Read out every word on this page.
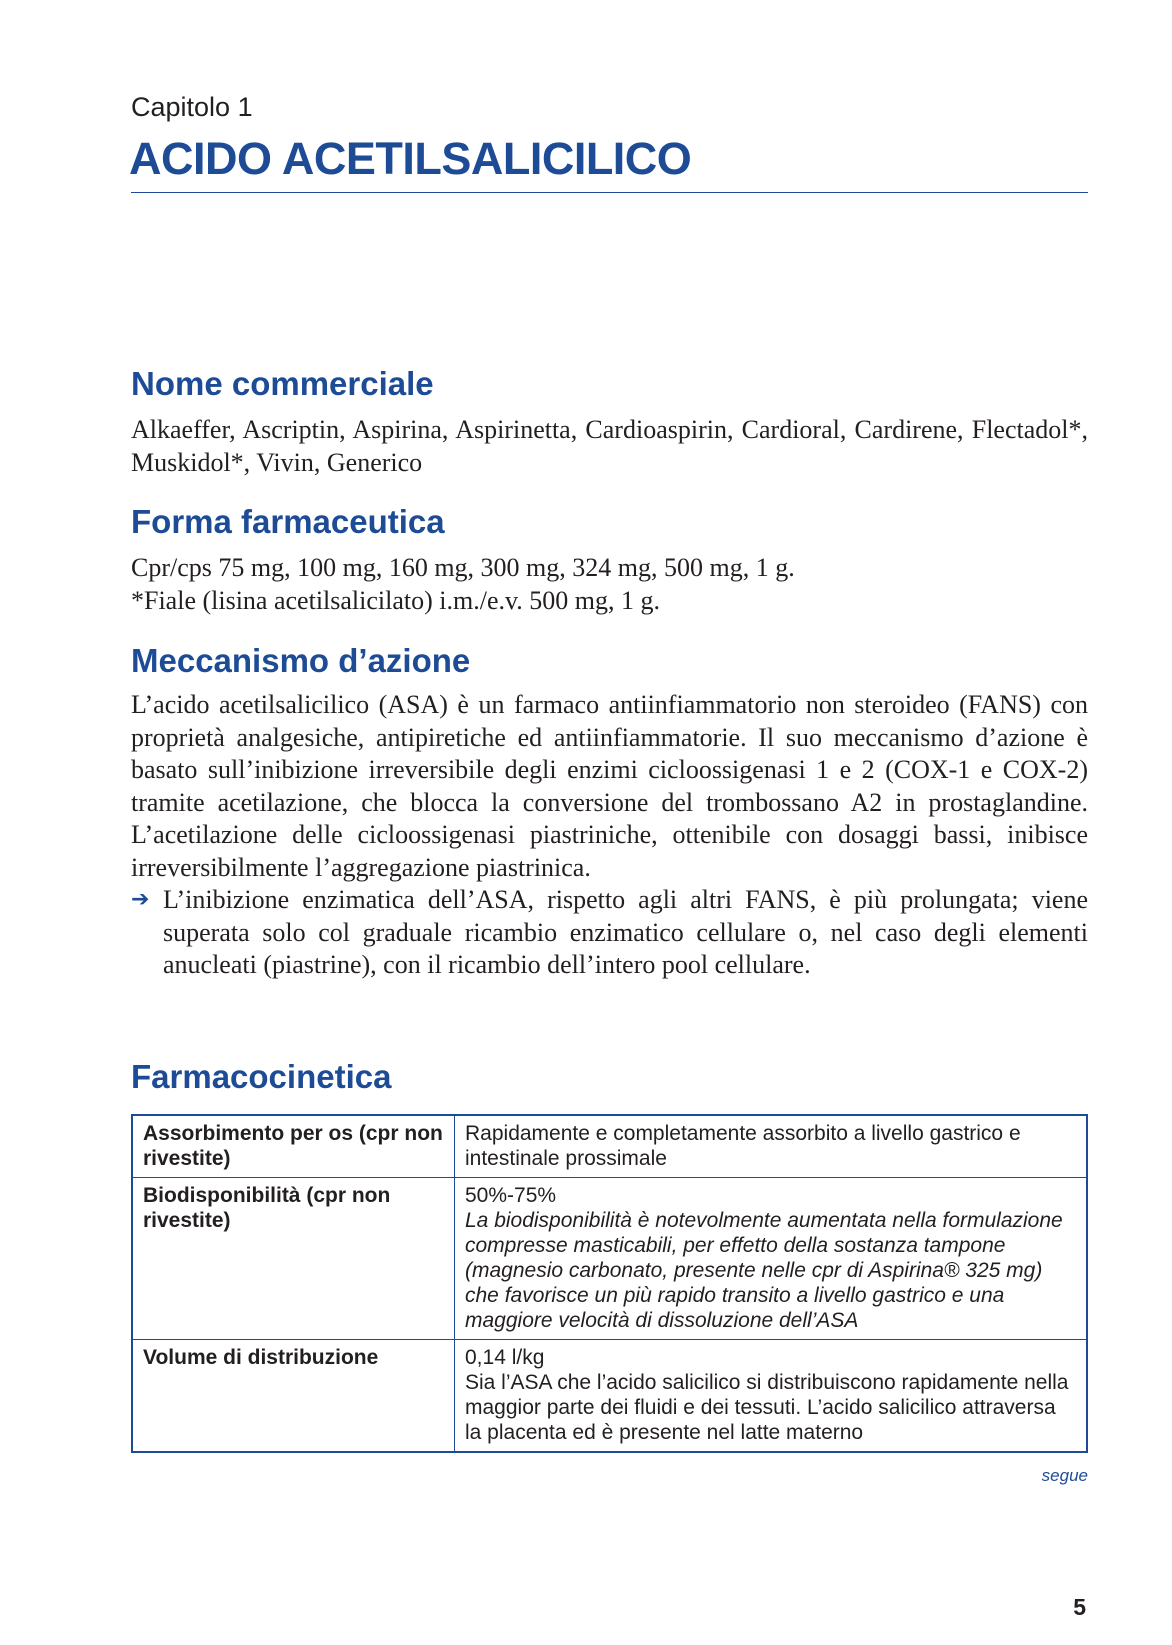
Capitolo 1
ACIDO ACETILSALICILICO
Nome commerciale

Alkaeffer, Ascriptin, Aspirina, Aspirinetta, Cardioaspirin, Cardioral, Cardirene, Flectadol*, Muskidol*, Vivin, Generico

Forma farmaceutica

Cpr/cps 75 mg, 100 mg, 160 mg, 300 mg, 324 mg, 500 mg, 1 g.

*Fiale (lisina acetilsalicilato) i.m./e.v. 500 mg, 1 g.

Meccanismo d’azione

L’acido acetilsalicilico (ASA) è un farmaco antiinfiammatorio non steroideo (FANS) con proprietà analgesiche, antipiretiche ed antiinfiammatorie. Il suo meccanismo d’azione è basato sull’inibizione irreversibile degli enzimi cicloossigenasi 1 e 2 (COX-1 e COX-2) tramite acetilazione, che blocca la conversione del trombossano A2 in prostaglandine. L’acetilazione delle cicloossigenasi piastriniche, ottenibile con dosaggi bassi, inibisce irreversibilmente l’aggregazione piastrinica.

➔ L’inibizione enzimatica dell’ASA, rispetto agli altri FANS, è più prolungata; viene superata solo col graduale ricambio enzimatico cellulare o, nel caso degli elementi anucleati (piastrine), con il ricambio dell’intero pool cellulare.

Farmacocinetica
Assorbimento per os (cpr non rivestite)	Rapidamente e completamente assorbito a livello gastrico e intestinale prossimale

Biodisponibilità (cpr non rivestite)	50%-75%
La biodisponibilità è notevolmente aumentata nella formulazione compresse masticabili, per effetto della sostanza tampone (magnesio carbonato, presente nelle cpr di Aspirina® 325 mg) che favorisce un più rapido transito a livello gastrico e una maggiore velocità di dissoluzione dell’ASA

Volume di distribuzione	0,14 l/kg
Sia l’ASA che l’acido salicilico si distribuiscono rapidamente nella maggior parte dei fluidi e dei tessuti. L’acido salicilico attraversa la placenta ed è presente nel latte materno
segue
5
